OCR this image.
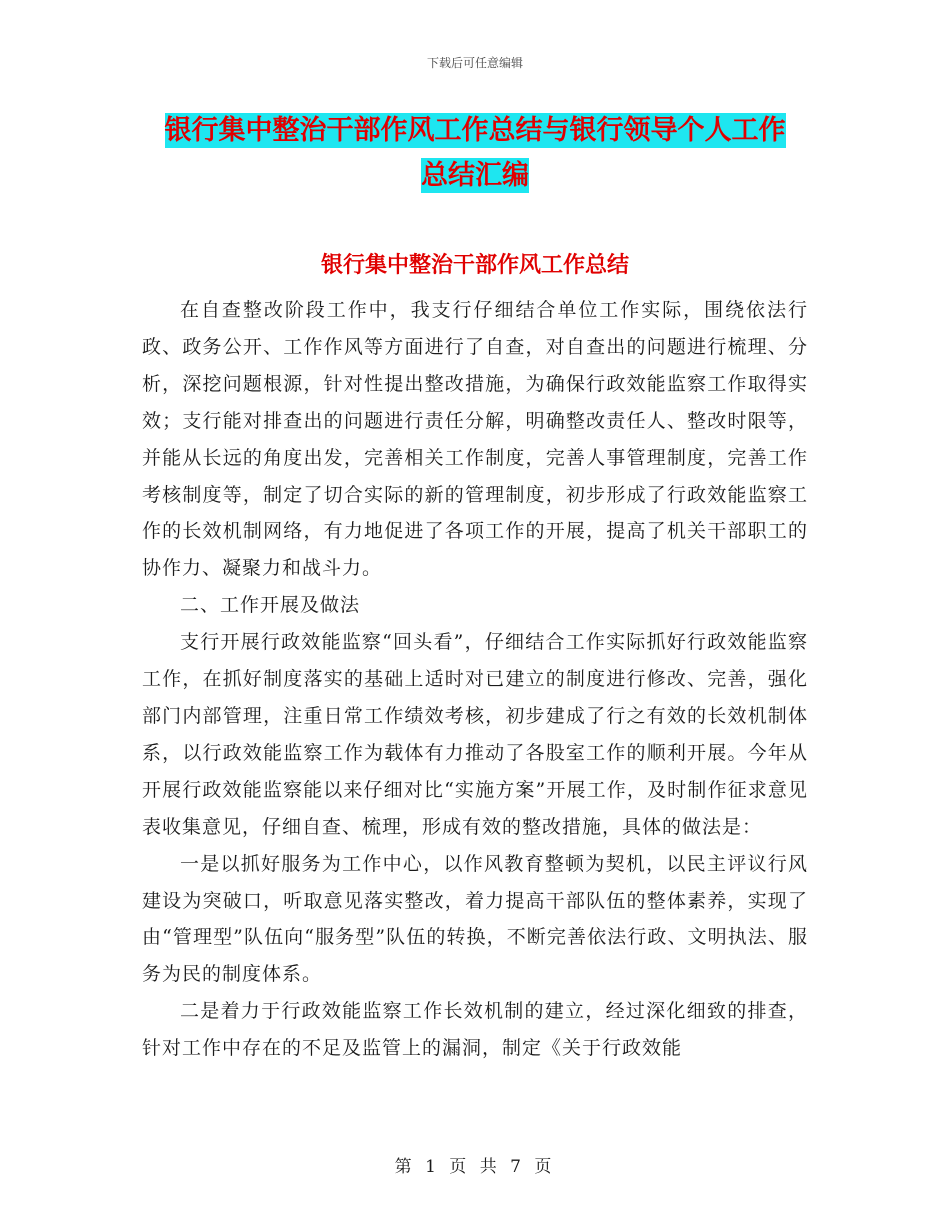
下载后可任意编辑
银行集中整治干部作风工作总结与银行领导个人工作
总结汇编
银行集中整治干部作风工作总结

在自查整改阶段工作中，我支行仔细结合单位工作实际，围绕依法行政、政务公开、工作作风等方面进行了自查，对自查出的问题进行梳理、分析，深挖问题根源，针对性提出整改措施，为确保行政效能监察工作取得实效；支行能对排查出的问题进行责任分解，明确整改责任人、整改时限等，并能从长远的角度出发，完善相关工作制度，完善人事管理制度，完善工作考核制度等，制定了切合实际的新的管理制度，初步形成了行政效能监察工作的长效机制网络，有力地促进了各项工作的开展，提高了机关干部职工的协作力、凝聚力和战斗力。

二、工作开展及做法

支行开展行政效能监察“回头看”，仔细结合工作实际抓好行政效能监察工作，在抓好制度落实的基础上适时对已建立的制度进行修改、完善，强化部门内部管理，注重日常工作绩效考核，初步建成了行之有效的长效机制体系，以行政效能监察工作为载体有力推动了各股室工作的顺利开展。今年从开展行政效能监察能以来仔细对比“实施方案”开展工作，及时制作征求意见表收集意见，仔细自查、梳理，形成有效的整改措施，具体的做法是：

一是以抓好服务为工作中心，以作风教育整顿为契机，以民主评议行风建设为突破口，听取意见落实整改，着力提高干部队伍的整体素养，实现了由“管理型”队伍向“服务型”队伍的转换，不断完善依法行政、文明执法、服务为民的制度体系。

二是着力于行政效能监察工作长效机制的建立，经过深化细致的排查，针对工作中存在的不足及监管上的漏洞，制定《关于行政效能

第 1 页 共 7 页
